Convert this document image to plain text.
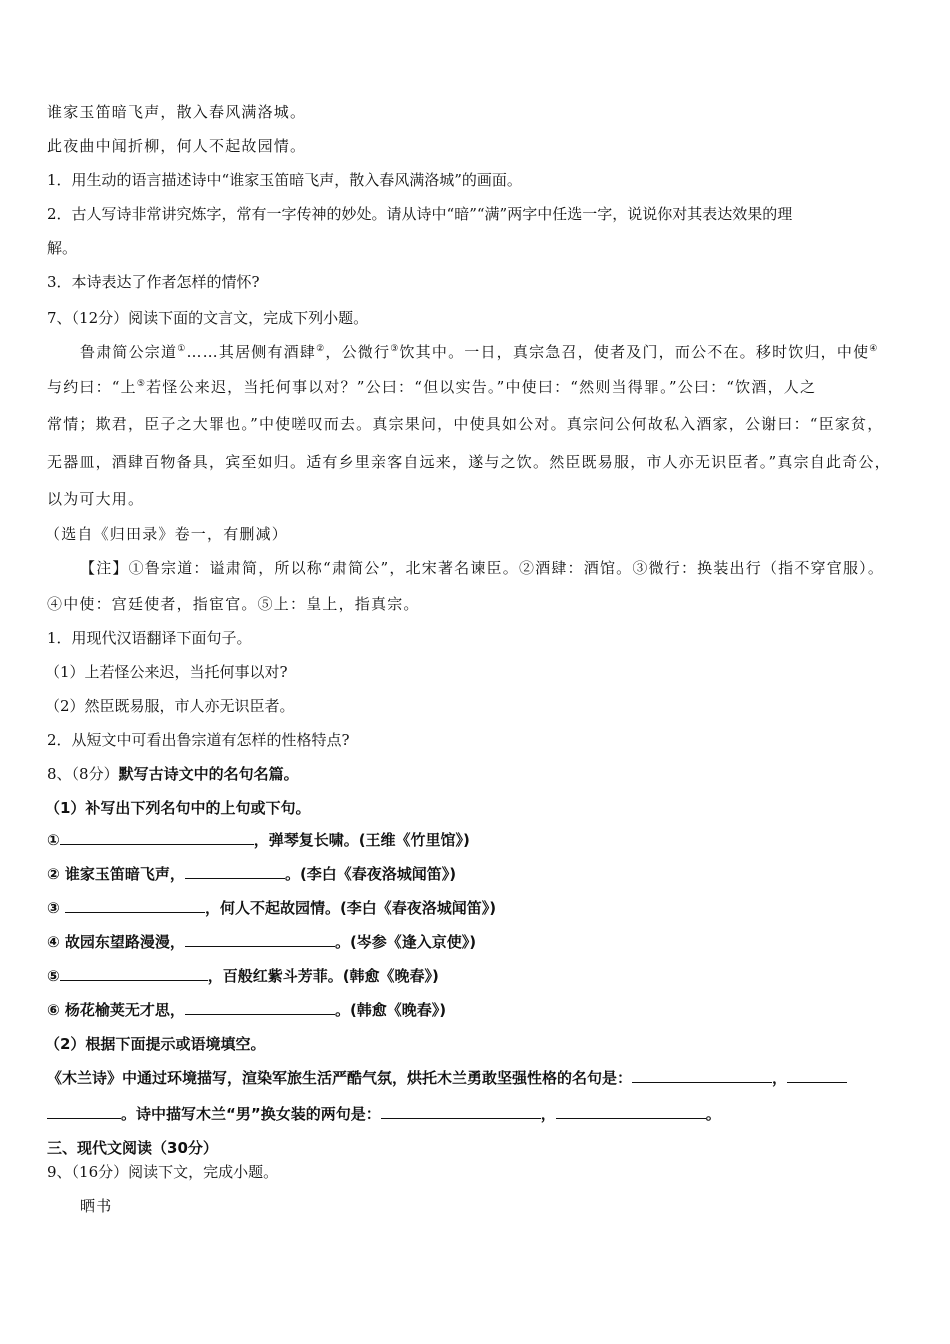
谁家玉笛暗飞声，散入春风满洛城。
此夜曲中闻折柳，何人不起故园情。
1．用生动的语言描述诗中“谁家玉笛暗飞声，散入春风满洛城”的画面。
2．古人写诗非常讲究炼字，常有一字传神的妙处。请从诗中“暗”“满”两字中任选一字，说说你对其表达效果的理
解。
3．本诗表达了作者怎样的情怀?
7、（12分）阅读下面的文言文，完成下列小题。
鲁肃简公宗道①……其居侧有酒肆②，公微行③饮其中。一日，真宗急召，使者及门，而公不在。移时饮归，中使④
与约曰：“上⑤若怪公来迟，当托何事以对？”公曰：“但以实告。”中使曰：“然则当得罪。”公曰：“饮酒，人之
常情；欺君，臣子之大罪也。”中使嗟叹而去。真宗果问，中使具如公对。真宗问公何故私入酒家，公谢曰：“臣家贫，
无器皿，酒肆百物备具，宾至如归。适有乡里亲客自远来，遂与之饮。然臣既易服，市人亦无识臣者。”真宗自此奇公，
以为可大用。
（选自《归田录》卷一，有删减）
【注】①鲁宗道：谥肃简，所以称“肃简公”，北宋著名谏臣。②酒肆：酒馆。③微行：换装出行（指不穿官服）。
④中使：宫廷使者，指宦官。⑤上：皇上，指真宗。
1．用现代汉语翻译下面句子。
（1）上若怪公来迟，当托何事以对?
（2）然臣既易服，市人亦无识臣者。
2．从短文中可看出鲁宗道有怎样的性格特点?
8、（8分）默写古诗文中的名句名篇。
（1）补写出下列名句中的上句或下句。
①	，弹琴复长啸。(王维《竹里馆》)
② 谁家玉笛暗飞声，	。(李白《春夜洛城闻笛》)
③	，何人不起故园情。(李白《春夜洛城闻笛》)
④ 故园东望路漫漫，	。(岑参《逢入京使》)
⑤	，百般红紫斗芳菲。(韩愈《晚春》)
⑥ 杨花榆荚无才思，	。(韩愈《晚春》)
（2）根据下面提示或语境填空。
《木兰诗》中通过环境描写，渲染军旅生活严酷气氛，烘托木兰勇敢坚强性格的名句是：	，
。诗中描写木兰“男”换女装的两句是：	，	。
三、现代文阅读（30分）
9、（16分）阅读下文，完成小题。
晒书
